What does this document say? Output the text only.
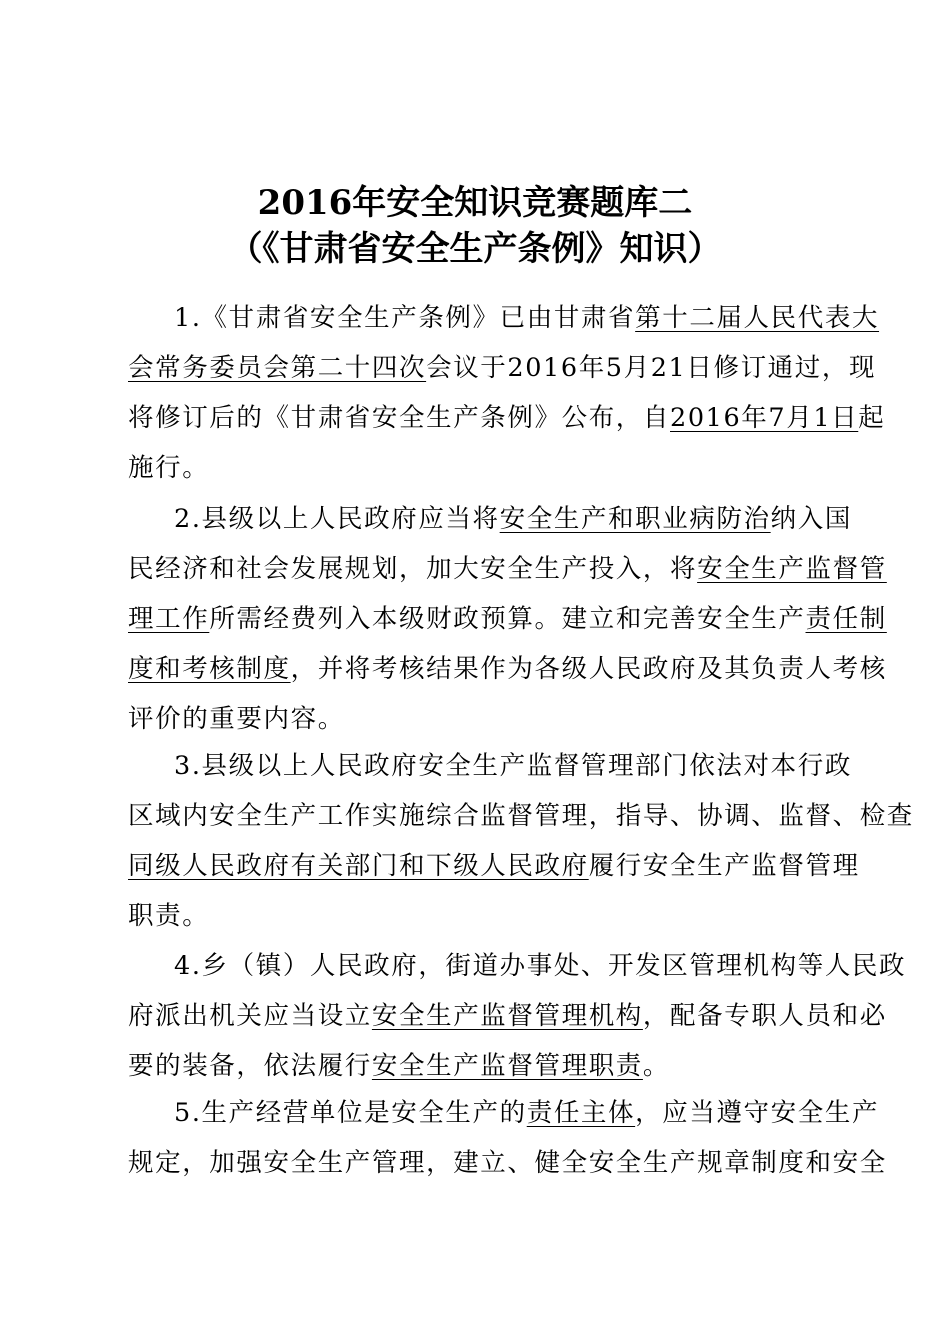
2016年安全知识竞赛题库二
（《甘肃省安全生产条例》知识）
1.《甘肃省安全生产条例》已由甘肃省第十二届人民代表大
会常务委员会第二十四次会议于2016年5月21日修订通过，现
将修订后的《甘肃省安全生产条例》公布，自2016年7月1日起
施行。
2.县级以上人民政府应当将安全生产和职业病防治纳入国
民经济和社会发展规划，加大安全生产投入，将安全生产监督管
理工作所需经费列入本级财政预算。建立和完善安全生产责任制
度和考核制度，并将考核结果作为各级人民政府及其负责人考核
评价的重要内容。
3.县级以上人民政府安全生产监督管理部门依法对本行政
区域内安全生产工作实施综合监督管理，指导、协调、监督、检查
同级人民政府有关部门和下级人民政府履行安全生产监督管理
职责。
4.乡（镇）人民政府，街道办事处、开发区管理机构等人民政
府派出机关应当设立安全生产监督管理机构，配备专职人员和必
要的装备，依法履行安全生产监督管理职责。
5.生产经营单位是安全生产的责任主体，应当遵守安全生产
规定，加强安全生产管理，建立、健全安全生产规章制度和安全
